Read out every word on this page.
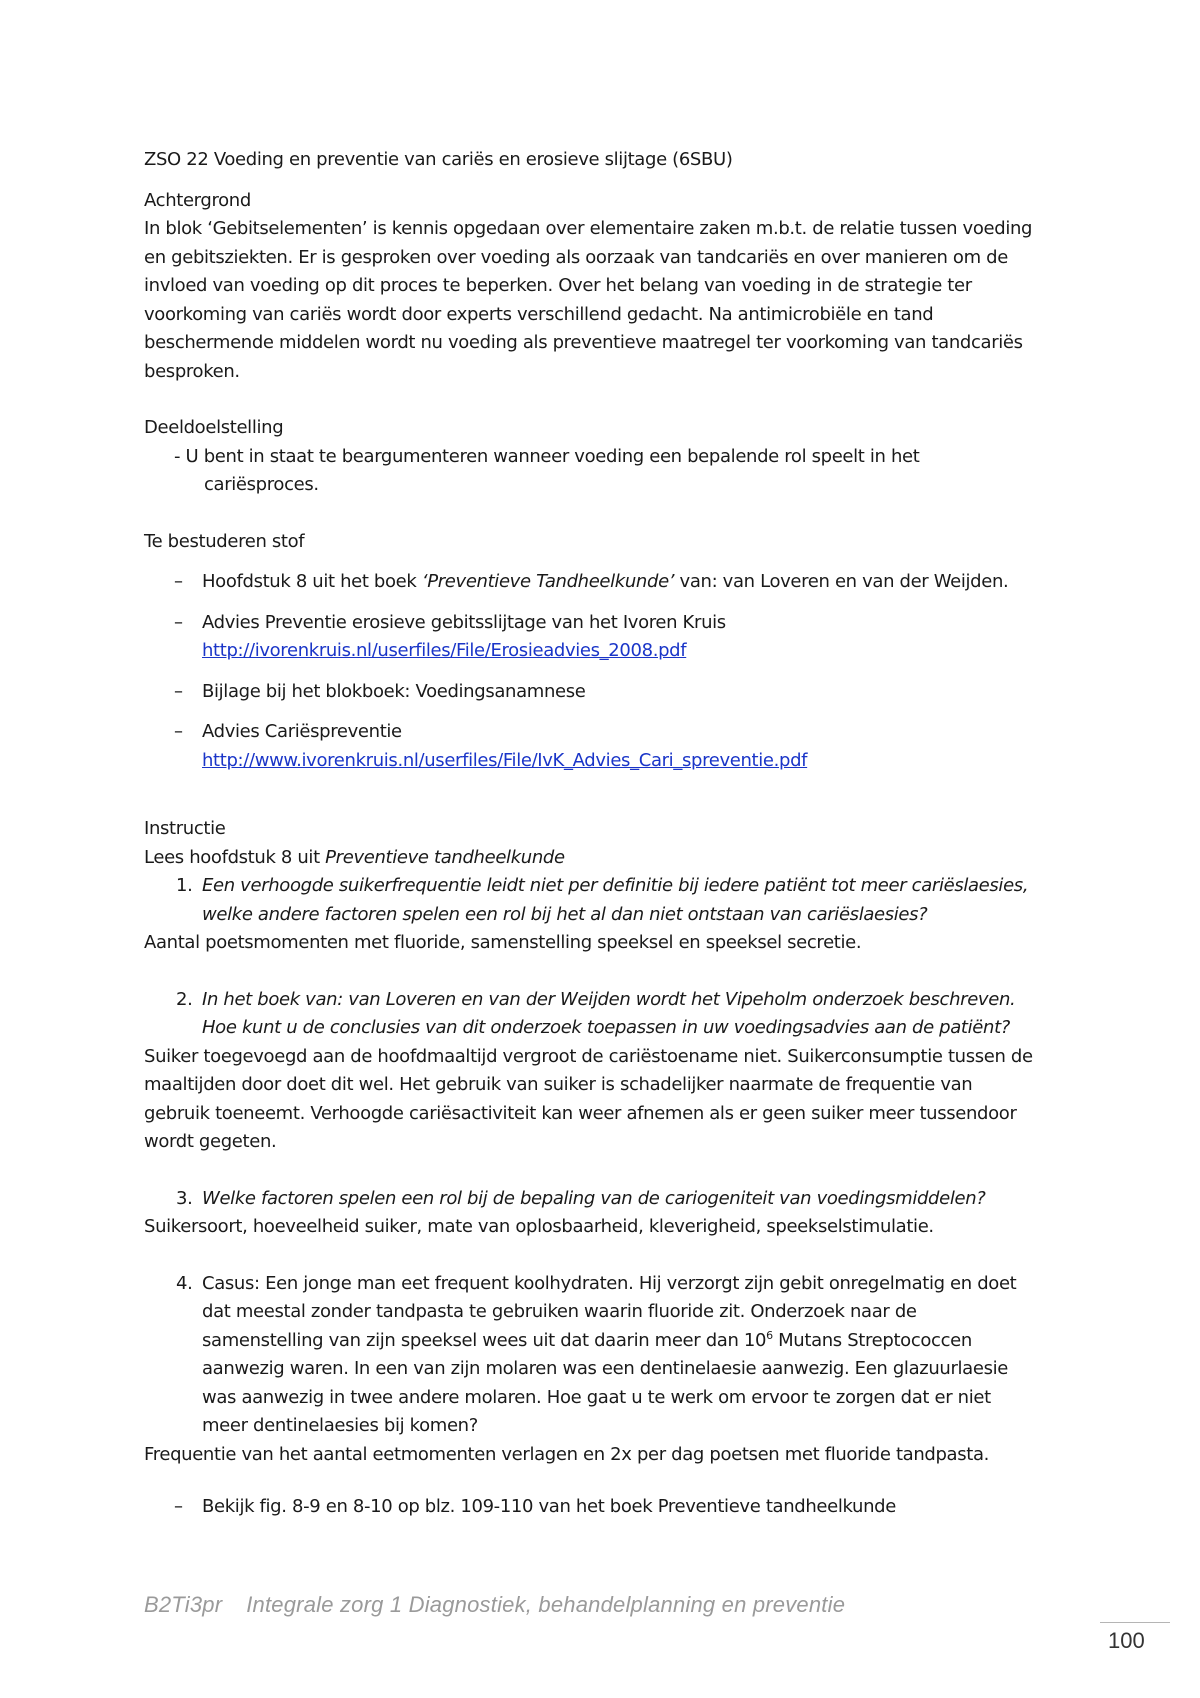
ZSO 22 Voeding en preventie van cariës en erosieve slijtage (6SBU)

Achtergrond

In blok ‘Gebitselementen’ is kennis opgedaan over elementaire zaken m.b.t. de relatie tussen voeding

en gebitsziekten. Er is gesproken over voeding als oorzaak van tandcariës en over manieren om de

invloed van voeding op dit proces te beperken. Over het belang van voeding in de strategie ter

voorkoming van cariës wordt door experts verschillend gedacht. Na antimicrobiële en tand

beschermende middelen wordt nu voeding als preventieve maatregel ter voorkoming van tandcariës

besproken.

Deeldoelstelling

- U bent in staat te beargumenteren wanneer voeding een bepalende rol speelt in het

cariësproces.

Te bestuderen stof

– Hoofdstuk 8 uit het boek ‘Preventieve Tandheelkunde’ van: van Loveren en van der Weijden.
– Advies Preventie erosieve gebitsslijtage van het Ivoren Kruis

http://ivorenkruis.nl/userfiles/File/Erosieadvies_2008.pdf

– Bijlage bij het blokboek: Voedingsanamnese
– Advies Cariëspreventie

http://www.ivorenkruis.nl/userfiles/File/IvK_Advies_Cari_spreventie.pdf

Instructie

Lees hoofdstuk 8 uit Preventieve tandheelkunde

1. Een verhoogde suikerfrequentie leidt niet per definitie bij iedere patiënt tot meer cariëslaesies,

welke andere factoren spelen een rol bij het al dan niet ontstaan van cariëslaesies?

Aantal poetsmomenten met fluoride, samenstelling speeksel en speeksel secretie.

2. In het boek van: van Loveren en van der Weijden wordt het Vipeholm onderzoek beschreven.

Hoe kunt u de conclusies van dit onderzoek toepassen in uw voedingsadvies aan de patiënt?

Suiker toegevoegd aan de hoofdmaaltijd vergroot de cariëstoename niet. Suikerconsumptie tussen de

maaltijden door doet dit wel. Het gebruik van suiker is schadelijker naarmate de frequentie van

gebruik toeneemt. Verhoogde cariësactiviteit kan weer afnemen als er geen suiker meer tussendoor

wordt gegeten.

3. Welke factoren spelen een rol bij de bepaling van de cariogeniteit van voedingsmiddelen?

Suikersoort, hoeveelheid suiker, mate van oplosbaarheid, kleverigheid, speekselstimulatie.

4. Casus: Een jonge man eet frequent koolhydraten. Hij verzorgt zijn gebit onregelmatig en doet

dat meestal zonder tandpasta te gebruiken waarin fluoride zit. Onderzoek naar de

samenstelling van zijn speeksel wees uit dat daarin meer dan $10^6$ Mutans Streptococcen

aanwezig waren. In een van zijn molaren was een dentinelaesie aanwezig. Een glazuurlaesie

was aanwezig in twee andere molaren. Hoe gaat u te werk om ervoor te zorgen dat er niet

meer dentinelaesies bij komen?

Frequentie van het aantal eetmomenten verlagen en 2x per dag poetsen met fluoride tandpasta.

– Bekijk fig. 8-9 en 8-10 op blz. 109-110 van het boek Preventieve tandheelkunde
B2Ti3pr Integrale zorg 1 Diagnostiek, behandelplanning en preventie
100
